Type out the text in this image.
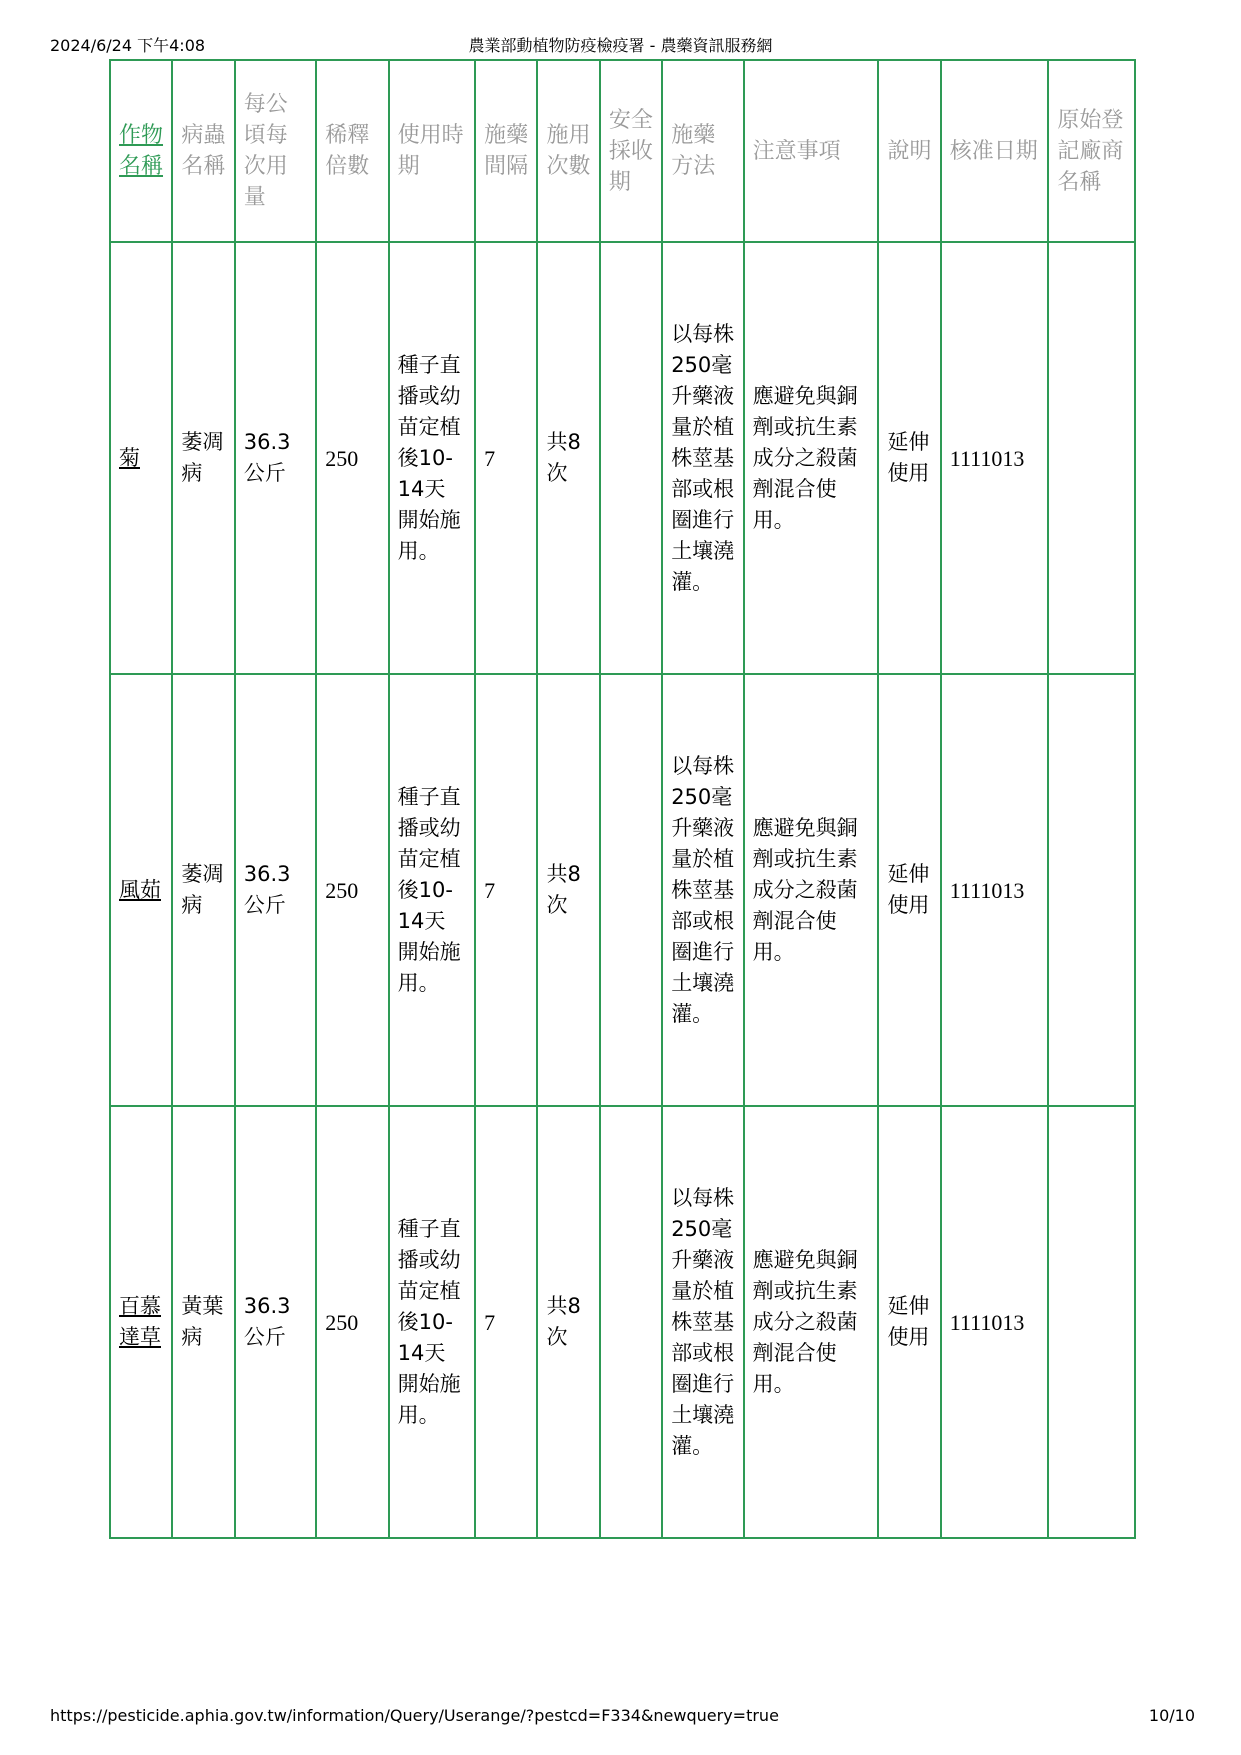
2024/6/24 下午4:08	農業部動植物防疫檢疫署 - 農藥資訊服務網
作物名稱	病蟲名稱	每公頃每次用量	稀釋倍數	使用時期	施藥間隔	施用次數	安全採收期	施藥方法	注意事項	說明	核准日期	原始登記廠商名稱

菊	萎凋病	36.3公斤	250	種子直播或幼苗定植後10-14天開始施用。	7	共8次		以每株250毫升藥液量於植株莖基部或根圈進行土壤澆灌。	應避免與銅劑或抗生素成分之殺菌劑混合使用。	延伸使用	1111013	

風茹	萎凋病	36.3公斤	250	種子直播或幼苗定植後10-14天開始施用。	7	共8次		以每株250毫升藥液量於植株莖基部或根圈進行土壤澆灌。	應避免與銅劑或抗生素成分之殺菌劑混合使用。	延伸使用	1111013	

百慕達草	黃葉病	36.3公斤	250	種子直播或幼苗定植後10-14天開始施用。	7	共8次		以每株250毫升藥液量於植株莖基部或根圈進行土壤澆灌。	應避免與銅劑或抗生素成分之殺菌劑混合使用。	延伸使用	1111013	

https://pesticide.aphia.gov.tw/information/Query/Userange/?pestcd=F334&newquery=true	10/10
